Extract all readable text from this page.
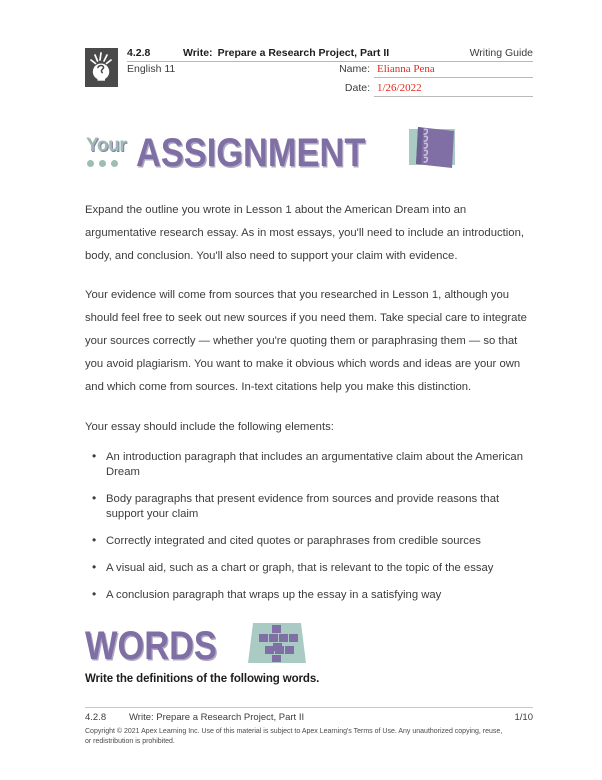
4.2.8	Write: Prepare a Research Project, Part II	Writing Guide
English 11	Name: Elianna Pena
Date: 1/26/2022
Your ASSIGNMENT

Expand the outline you wrote in Lesson 1 about the American Dream into an argumentative research essay. As in most essays, you'll need to include an introduction, body, and conclusion. You'll also need to support your claim with evidence.

Your evidence will come from sources that you researched in Lesson 1, although you should feel free to seek out new sources if you need them. Take special care to integrate your sources correctly — whether you're quoting them or paraphrasing them — so that you avoid plagiarism. You want to make it obvious which words and ideas are your own and which come from sources. In-text citations help you make this distinction.

Your essay should include the following elements:

• An introduction paragraph that includes an argumentative claim about the American Dream
• Body paragraphs that present evidence from sources and provide reasons that support your claim
• Correctly integrated and cited quotes or paraphrases from credible sources
• A visual aid, such as a chart or graph, that is relevant to the topic of the essay
• A conclusion paragraph that wraps up the essay in a satisfying way
WORDS
Write the definitions of the following words.
4.2.8	Write: Prepare a Research Project, Part II	1/10
Copyright © 2021 Apex Learning Inc. Use of this material is subject to Apex Learning's Terms of Use. Any unauthorized copying, reuse, or redistribution is prohibited.
